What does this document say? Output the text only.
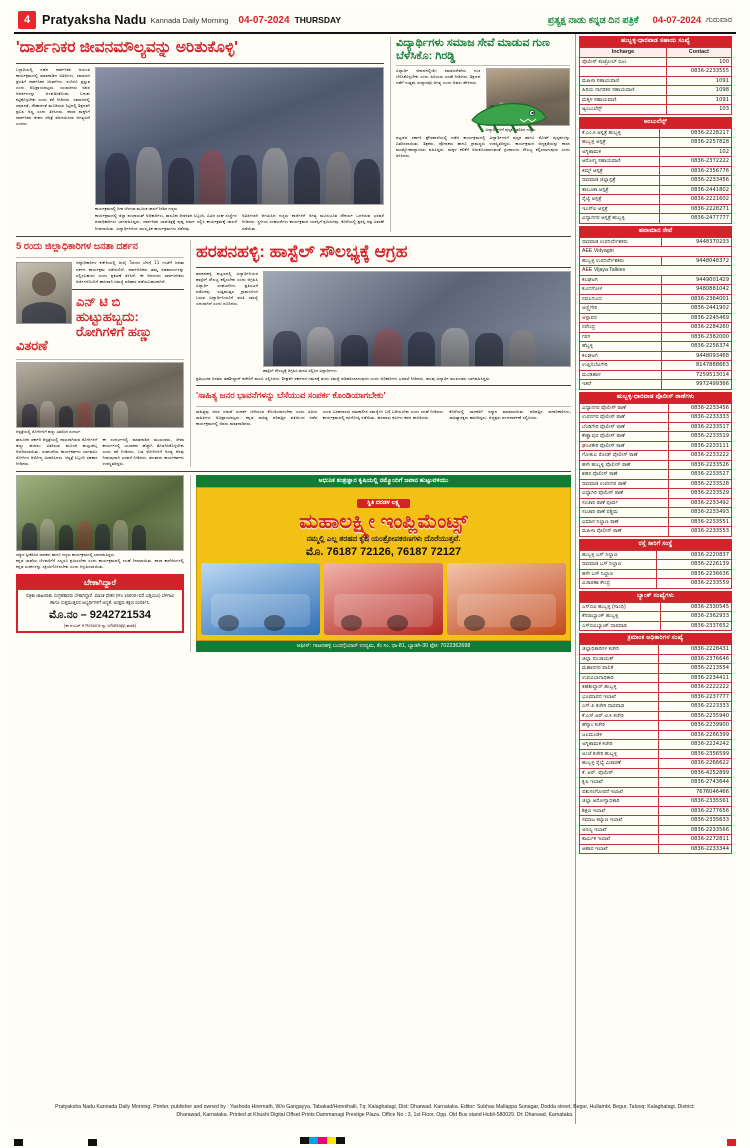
4 Pratyaksha Nadu Kannada Daily Morning 04-07-2024 THURSDAY	ಪ್ರತ್ಯಕ್ಷ ನಾಡು ಕನ್ನಡ ದಿನ ಪತ್ರಿಕೆ 04-07-2024 ಗುರುವಾರ
'ದಾರ್ಶನಿಕರ ಜೀವನಮೌಲ್ಯವನ್ನು ಅರಿತುಕೊಳ್ಳಿ'
ಬಳ್ಳಾರಿಯಲ್ಲಿ ನಡೆದ ದಾರ್ಶನಿಕರ ಜಯಂತಿ ಕಾರ್ಯಕ್ರಮದಲ್ಲಿ ಮಾತನಾಡಿದ ಅತಿಥಿಗಳು, ಸಮಾಜದ ಪ್ರಗತಿಗೆ ದಾರ್ಶನಿಕರ ಚಿಂತನೆಗಳು ಇಂದಿಗೂ ಪ್ರಸ್ತುತ ಎಂದು ಅಭಿಪ್ರಾಯಪಟ್ಟರು. ಯುವಜನರು ಅವರ ಆದರ್ಶಗಳನ್ನು ಅಳವಡಿಸಿಕೊಂಡು ಬದುಕು ಕಟ್ಟಿಕೊಳ್ಳಬೇಕು ಎಂದು ಕರೆ ನೀಡಿದರು. ಸಮಾಜದಲ್ಲಿ ಸಮಾನತೆ, ಸೌಹಾರ್ದತೆ ಮೂಡಿಸುವ ನಿಟ್ಟಿನಲ್ಲಿ ಶಿಕ್ಷಣವೇ ಪ್ರಬಲ ಅಸ್ತ್ರ ಎಂದು ತಿಳಿಸಿದರು. ಶಾಲಾ ಮಕ್ಕಳಿಗೆ ದಾರ್ಶನಿಕರ ಜೀವನ ಚರಿತ್ರೆ ಪರಿಚಯಿಸುವ ಅಗತ್ಯವಿದೆ ಎಂದರು.
ಕಾರ್ಯಕ್ರಮದಲ್ಲಿ ದೀಪ ಬೆಳಗುವ ಮೂಲಕ ಚಾಲನೆ ನೀಡಿದ ಗಣ್ಯರು.
ಕಾರ್ಯಕ್ರಮದಲ್ಲಿ ಜಿಲ್ಲಾ ಪಂಚಾಯತ್ ಅಧಿಕಾರಿಗಳು, ತಾಲೂಕು ಆಡಳಿತದ ಸಿಬ್ಬಂದಿ, ವಿವಿಧ ಸಂಘ ಸಂಸ್ಥೆಗಳ ಪದಾಧಿಕಾರಿಗಳು ಭಾಗವಹಿಸಿದ್ದರು. ದಾರ್ಶನಿಕರ ಭಾವಚಿತ್ರಕ್ಕೆ ಪುಷ್ಪ ನಮನ ಸಲ್ಲಿಸಿ ಕಾರ್ಯಕ್ರಮಕ್ಕೆ ಚಾಲನೆ ನೀಡಲಾಯಿತು. ವಿದ್ಯಾರ್ಥಿಗಳಿಂದ ಸಾಂಸ್ಕೃತಿಕ ಕಾರ್ಯಕ್ರಮಗಳು ನಡೆದವು.
ಅತಿಥಿಗಳಾಗಿ ಆಗಮಿಸಿದ ಗಣ್ಯರು ಶಾಲೆಗಳಿಗೆ ಅಗತ್ಯ ಮೂಲಭೂತ ಸೌಕರ್ಯ ಒದಗಿಸುವ ಭರವಸೆ ನೀಡಿದರು. ಸ್ಥಳೀಯ ಸಂಘಟನೆಗಳು ಕಾರ್ಯಕ್ರಮದ ಯಶಸ್ಸಿಗೆ ಶ್ರಮಿಸಿದವು. ಕೊನೆಯಲ್ಲಿ ಪ್ರಶಸ್ತಿ ಪತ್ರ ವಿತರಣೆ ನಡೆಯಿತು.
ವಿದ್ಯಾರ್ಥಿಗಳು ಸಮಾಜ ಸೇವೆ ಮಾಡುವ ಗುಣ ಬೆಳೆಸಿಕೊ: ಗಿರಡ್ಡಿ
ವಿದ್ಯಾರ್ಥಿ ಜೀವನದಲ್ಲಿಯೇ ಸಮಾಜಸೇವೆಯ ಗುಣ ಬೆಳೆಸಿಕೊಳ್ಳಬೇಕು ಎಂದು ಹಿರಿಯರು ಸಲಹೆ ನೀಡಿದರು. ಶಿಕ್ಷಣದ ಜತೆಗೆ ಉತ್ತಮ ಸಂಸ್ಕಾರವೂ ಅಗತ್ಯ ಎಂದು ಅವರು ಹೇಳಿದರು.
ವಿದ್ಯಾರ್ಥಿಗಳಿಗೆ ಪುಸ್ತಕ ವಿತರಿಸಿದ ಗಣ್ಯರು.
ಪಟ್ಟಣದ ಸರ್ಕಾರಿ ಪ್ರೌಢಶಾಲೆಯಲ್ಲಿ ನಡೆದ ಕಾರ್ಯಕ್ರಮದಲ್ಲಿ ವಿದ್ಯಾರ್ಥಿಗಳಿಗೆ ಪುಸ್ತಕ ಹಾಗೂ ನೋಟ್ ಪುಸ್ತಕಗಳನ್ನು ವಿತರಿಸಲಾಯಿತು. ಶಿಕ್ಷಕರು, ಪೋಷಕರು ಹಾಗೂ ಗ್ರಾಮಸ್ಥರು ಉಪಸ್ಥಿತರಿದ್ದರು. ಕಾರ್ಯಕ್ರಮದ ಅಧ್ಯಕ್ಷತೆಯನ್ನು ಶಾಲಾ ಮುಖ್ಯೋಪಾಧ್ಯಾಯರು ವಹಿಸಿದ್ದರು. ಮಕ್ಕಳ ಕಲಿಕೆಗೆ ಅನುಕೂಲವಾಗುವಂತೆ ಗ್ರಂಥಾಲಯ ಸೌಲಭ್ಯ ಕಲ್ಪಿಸಲಾಗುವುದು ಎಂದು ತಿಳಿಸಿದರು.
5 ರಂದು ಜಿಲ್ಲಾಧಿಕಾರಿಗಳ ಜನತಾ ದರ್ಶನ
ಜಿಲ್ಲಾಧಿಕಾರಿಗಳ ಕಚೇರಿಯಲ್ಲಿ ಜುಲೈ 5ರಂದು ಬೆಳಿಗ್ಗೆ 11 ಗಂಟೆಗೆ ಜನತಾ ದರ್ಶನ ಕಾರ್ಯಕ್ರಮ ನಡೆಯಲಿದೆ. ಸಾರ್ವಜನಿಕರು ತಮ್ಮ ಅಹವಾಲುಗಳನ್ನು ಸಲ್ಲಿಸಬಹುದು ಎಂದು ಪ್ರಕಟಣೆ ತಿಳಿಸಿದೆ. ಈ ದಿನದಂದು ಸಾರ್ವಜನಿಕರು ಅರ್ಜಿಗಳೊಂದಿಗೆ ಹಾಜರಾಗಿ ಸಮಸ್ಯೆ ಪರಿಹಾರ ಪಡೆಯಬಹುದಾಗಿದೆ.
ಎನ್ ಟಿ ಬಿ ಹುಟ್ಟುಹಬ್ಬದು: ರೋಗಿಗಳಿಗೆ ಹಣ್ಣು ವಿತರಣೆ
ಆಸ್ಪತ್ರೆಯಲ್ಲಿ ರೋಗಿಗಳಿಗೆ ಹಣ್ಣು ವಿತರಿಸಿದ ಸಂದರ್ಭ.
ತಾಲೂಕಿನ ಸರ್ಕಾರಿ ಆಸ್ಪತ್ರೆಯಲ್ಲಿ ದಾಖಲಾಗಿರುವ ರೋಗಿಗಳಿಗೆ ಹಣ್ಣು ಹಂಪಲು ವಿತರಿಸುವ ಮೂಲಕ ಹುಟ್ಟುಹಬ್ಬ ಆಚರಿಸಲಾಯಿತು. ಸಂಘಟನೆಯ ಕಾರ್ಯಕರ್ತರು ಭಾಗವಹಿಸಿ ರೋಗಿಗಳ ಆರೋಗ್ಯ ವಿಚಾರಿಸಿದರು. ಆಸ್ಪತ್ರೆ ಸಿಬ್ಬಂದಿ ಸಹಕಾರ ನೀಡಿದರು.
ಈ ಸಂದರ್ಭದಲ್ಲಿ ಮಾತನಾಡಿದ ಮುಖಂಡರು, ಸೇವಾ ಕಾರ್ಯಗಳಲ್ಲಿ ಯುವಕರು ಹೆಚ್ಚಾಗಿ ತೊಡಗಿಸಿಕೊಳ್ಳಬೇಕು ಎಂದು ಕರೆ ನೀಡಿದರು. ಬಡ ರೋಗಿಗಳಿಗೆ ಅಗತ್ಯ ನೆರವು ನೀಡುವುದಾಗಿ ಭರವಸೆ ನೀಡಿದರು. ಹಲವಾರು ಕಾರ್ಯಕರ್ತರು ಉಪಸ್ಥಿತರಿದ್ದರು.
ಹರಪನಹಳ್ಳಿ: ಹಾಸ್ಟೆಲ್ ಸೌಲಭ್ಯಕ್ಕೆ ಆಗ್ರಹ
ಹರಪನಹಳ್ಳಿ ಪಟ್ಟಣದಲ್ಲಿ ವಿದ್ಯಾರ್ಥಿನಿಯರ ಹಾಸ್ಟೆಲ್ ಸೌಲಭ್ಯ ಕಲ್ಪಿಸಬೇಕು ಎಂದು ಆಗ್ರಹಿಸಿ ವಿದ್ಯಾರ್ಥಿ ಸಂಘಟನೆಗಳು ಪ್ರತಿಭಟನೆ ನಡೆಸಿದವು. ಸುತ್ತಮುತ್ತಲ ಗ್ರಾಮಗಳಿಂದ ಬರುವ ವಿದ್ಯಾರ್ಥಿನಿಯರಿಗೆ ವಸತಿ ಸಮಸ್ಯೆ ಎದುರಾಗಿದೆ ಎಂದು ದೂರಿದರು.
ಹಾಸ್ಟೆಲ್ ಸೌಲಭ್ಯಕ್ಕೆ ಆಗ್ರಹಿಸಿ ಮನವಿ ಸಲ್ಲಿಸಿದ ವಿದ್ಯಾರ್ಥಿಗಳು.
ಪ್ರತಿಭಟನಾ ನಿರತರು ತಹಶೀಲ್ದಾರ್ ಕಚೇರಿಗೆ ಮನವಿ ಸಲ್ಲಿಸಿದರು. ಶೀಘ್ರವೇ ಸರ್ಕಾರದ ಗಮನಕ್ಕೆ ತಂದು ಸಮಸ್ಯೆ ಪರಿಹರಿಸಲಾಗುವುದು ಎಂದು ಅಧಿಕಾರಿಗಳು ಭರವಸೆ ನೀಡಿದರು. ಹಲವು ವಿದ್ಯಾರ್ಥಿ ಮುಖಂಡರು ಭಾಗವಹಿಸಿದ್ದರು.
'ಸಾಹಿತ್ಯ ಜನರ ಭಾವನೆಗಳನ್ನು ಬೆಸೆಯುವ ಸಂಪರ್ಕ ಕೊಂಡಿಯಾಗಬೇಕು'
ಸಾಹಿತ್ಯವು ಜನರ ನಡುವೆ ಸಂಪರ್ಕ ಬೆಸೆಯುವ ಕೊಂಡಿಯಾಗಬೇಕು ಎಂದು ಹಿರಿಯ ಸಾಹಿತಿಗಳು ಅಭಿಪ್ರಾಯಪಟ್ಟರು. ಕನ್ನಡ ಸಾಹಿತ್ಯ ಪರಿಷತ್ತಿನ ವತಿಯಿಂದ ನಡೆದ ಕಾರ್ಯಕ್ರಮದಲ್ಲಿ ಅವರು ಮಾತನಾಡಿದರು.
ಯುವ ಬರಹಗಾರರು ಸಮಕಾಲೀನ ಸಮಸ್ಯೆಗಳ ಬಗ್ಗೆ ಬರೆಯಬೇಕು ಎಂದು ಸಲಹೆ ನೀಡಿದರು. ಕಾರ್ಯಕ್ರಮದಲ್ಲಿ ಕವಿಗೋಷ್ಠಿ ನಡೆಯಿತು. ಹಲವಾರು ಕವಿಗಳು ಕವನ ವಾಚಿಸಿದರು.
ಕೊನೆಯಲ್ಲಿ ಸಾಧಕರಿಗೆ ಸನ್ಮಾನ ಮಾಡಲಾಯಿತು. ಪರಿಷತ್ತಿನ ಪದಾಧಿಕಾರಿಗಳು, ಸಾಹಿತ್ಯಾಸಕ್ತರು ಹಾಜರಿದ್ದರು. ಅಧ್ಯಕ್ಷರು ವಂದನಾರ್ಪಣೆ ಸಲ್ಲಿಸಿದರು.
ಸನ್ಮಾನ ಸ್ವೀಕರಿಸಿದ ಸಾಧಕರು ಹಾಗೂ ಗಣ್ಯರು ಕಾರ್ಯಕ್ರಮದಲ್ಲಿ ಭಾಗವಹಿಸಿದ್ದರು.
ಕನ್ನಡ ಭಾಷೆಯ ಬೆಳವಣಿಗೆಗೆ ಎಲ್ಲರೂ ಶ್ರಮಿಸಬೇಕು ಎಂದು ಕಾರ್ಯಕ್ರಮದಲ್ಲಿ ಸಲಹೆ ನೀಡಲಾಯಿತು. ಶಾಲಾ ಕಾಲೇಜುಗಳಲ್ಲಿ ಕನ್ನಡ ಸಂಘಗಳನ್ನು ಸಕ್ರಿಯಗೊಳಿಸಬೇಕು ಎಂದು ಆಗ್ರಹಿಸಲಾಯಿತು.
ಬೇಕಾಗಿದ್ದಾರೆ
ಪತ್ರಿಕಾ ಜಾಹೀರಾತು ಸಂಗ್ರಹಕಾರರು ಬೇಕಾಗಿದ್ದಾರೆ. ಮಾಸಿಕ ವೇತನ (Rs 15000+ವರೆ ಬಡ್ತಿಯೂ) ಬೆಳಗಾವಿ ಹಾಗೂ ಸುತ್ತಮುತ್ತಲಿನ ಅಭ್ಯರ್ಥಿಗಳಿಗೆ ಆದ್ಯತೆ. ಆಸಕ್ತರು ತಕ್ಷಣ ಸಂಪರ್ಕಿಸಿ.
ಮೊ.ನಂ – 9242721534
(ಈ ನಂಬರ್ ಗೆ Resume ನ್ನು whatsapp ಮಾಡಿ)
ಆಧುನಿಕ ತಂತ್ರಜ್ಞಾನ ಕೃಷಿಯಲ್ಲಿ ನಮ್ಮೊಂದಿಗೆ ಜವಾನ ಹುಟ್ಟುವಳಿಯು
ಸ್ಥಿತಿ ದರಡಳ ಲಕ್ಷ್ಯ
ಮಹಾಲಕ್ಷ್ಮೀ ಇಂಪ್ಲಿಮೆಂಟ್ಸ್
ನಮ್ಮಲ್ಲಿ ಎಲ್ಲ ತರಹದ ಕೃಷಿ ಯಂತ್ರೋಪಕರಣಗಳು ದೊರೆಯುತ್ತವೆ.
ಮೊ. 76187 72126, 76187 72127
ಆಫೀಸ್: ಗಾಜನಹಳ್ಳಿ ಬಂದಗ್ಗೆಯಾರ್ ಉದ್ಯಮ, ಕೆಂ ಸಂ. ಧಾ-81, ಬ್ಯಾಡಗಿ-30 ಫೋ: 7022362698
ಹುಬ್ಬಳ್ಳಿ-ಧಾರವಾಡ ಸಹಾಯ ಸಂಖ್ಯೆ
Incharge	Contact
ಪೊಲೀಸ್ ಕಂಟ್ರೋಲ್ ರೂಂ	100
	0836-2233555
ಮಹಿಳಾ ಸಹಾಯವಾಣಿ	1091
ಹಿರಿಯ ನಾಗರಿಕರ ಸಹಾಯವಾಣಿ	1098
ಮಕ್ಕಳ ಸಹಾಯವಾಣಿ	1091
ಆ್ಯಂಬುಲೆನ್ಸ್	103
ಅಂಬುಲೆನ್ಸ್
ಕೆ.ಎಂ.ಸಿ ಆಸ್ಪತ್ರೆ ಹುಬ್ಬಳ್ಳಿ	0836-2228217
ಹುಬ್ಬಳ್ಳಿ ಆಸ್ಪತ್ರೆ	0836-2257828
ಅಗ್ನಿಶಾಮಕ	102
ಆರೋಗ್ಯ ಸಹಾಯವಾಣಿ	0836-2372222
ಕಿಮ್ಸ್ ಆಸ್ಪತ್ರೆ	0836-2356776
ಧಾರವಾಡ ಜಿಲ್ಲಾಸ್ಪತ್ರೆ	0836-2233456
ತಾಲೂಕಾ ಆಸ್ಪತ್ರೆ	0836-2441802
ರೈಲ್ವೆ ಆಸ್ಪತ್ರೆ	0836-2221602
ಇಎಸ್ಐ ಆಸ್ಪತ್ರೆ	0836-2228271
ವಿದ್ಯಾನಗರ ಆಸ್ಪತ್ರೆ ಹುಬ್ಬಳ್ಳಿ	0836-2477777
ಹವಾಮಾನ ಸೇವೆ
ಧಾರವಾಡ ಉಪನಿರ್ದೇಶಕರು	9448370233
AEE Vidyagiri	
ಹುಬ್ಬಳ್ಳಿ ಉಪನಿರ್ದೇಶಕರು	9448048372
AEE Vijaya Talkies	
ಕಲಘಟಗಿ	9449001429
ಕುಂದಗೋಳ	9480881042
ನವಲಗುಂದ	0836-2364001
ಅಣ್ಣಿಗೇರಿ	0836-2441902
ಅಳ್ನಾವರ	0836-2245469
ನರೇಂದ್ರ	0836-2284260
ಗರಗ	0836-2382000
ಹೆಬ್ಬಳ್ಳಿ	0836-2256374
ಕಲಘಟಗಿ	9448093468
ಉಪ್ಪಿನಬೆಟಗೇರಿ	8147888663
ಮಂಡಿಹಾಳ	7259513014
ಇತರೆ	9972499366
ಹುಬ್ಬಳ್ಳಿ-ಧಾರವಾಡ ಪೊಲೀಸ್ ಠಾಣೆಗಳು
ವಿದ್ಯಾನಗರ ಪೊಲೀಸ್ ಠಾಣೆ	0836-2233456
ಉಪನಗರ ಪೊಲೀಸ್ ಠಾಣೆ	0836-2233333
ಬೆಂಡಿಗೇರಿ ಪೊಲೀಸ್ ಠಾಣೆ	0836-2233517
ಕೇಶ್ವಾಪುರ ಪೊಲೀಸ್ ಠಾಣೆ	0836-2233519
ಘಂಟಿಕೇರಿ ಪೊಲೀಸ್ ಠಾಣೆ	0836-2233111
ಗೋಕುಲ ರೋಡ್ ಪೊಲೀಸ್ ಠಾಣೆ	0836-2233222
ಹಳೇ ಹುಬ್ಬಳ್ಳಿ ಪೊಲೀಸ್ ಠಾಣೆ	0836-2233526
ಶಹರ ಪೊಲೀಸ್ ಠಾಣೆ	0836-2233527
ಧಾರವಾಡ ಉಪನಗರ ಠಾಣೆ	0836-2233528
ವಿದ್ಯಾಗಿರಿ ಪೊಲೀಸ್ ಠಾಣೆ	0836-2233529
ಸಂಚಾರಿ ಠಾಣೆ ಪೂರ್ವ	0836-2233492
ಸಂಚಾರಿ ಠಾಣೆ ಪಶ್ಚಿಮ	0836-2233493
ವಿಮಾನ ನಿಲ್ದಾಣ ಠಾಣೆ	0836-2233551
ಮಹಿಳಾ ಪೊಲೀಸ್ ಠಾಣೆ	0836-2233553
ರಸ್ತೆ ಸಾರಿಗೆ ಸಂಸ್ಥೆ
ಹುಬ್ಬಳ್ಳಿ ಬಸ್ ನಿಲ್ದಾಣ	0836-2220837
ಧಾರವಾಡ ಬಸ್ ನಿಲ್ದಾಣ	0836-2226139
ಹಳೇ ಬಸ್ ನಿಲ್ದಾಣ	0836-2236636
ವಿಚಾರಣಾ ಕೇಂದ್ರ	0836-2233559
ಬ್ಯಾಂಕ್ ಸಂಖ್ಯೆಗಳು
ಎಸ್‌ಬಿಐ ಹುಬ್ಬಳ್ಳಿ (ಗಾಂಧಿ)	0836-2330545
ಕೆನರಾಬ್ಯಾಂಕ್ ಹುಬ್ಬಳ್ಳಿ	0836-2362933
ಎಸ್‌ಬಿಐಬ್ಯಾಂಕ್ ಧಾರವಾಡ	0836-2337652
ಕ್ರಮಾಂಕ ಅಧಿಕಾರಿಗಳ ಸಂಖ್ಯೆ
ಜಿಲ್ಲಾಧಿಕಾರಿಗಳ ಕಚೇರಿ	0836-2228431
ಜಿಲ್ಲಾ ಪಂಚಾಯತ್	0836-2376646
ಮಹಾನಗರ ಪಾಲಿಕೆ	0836-2213554
ಉಪವಿಭಾಗಾಧಿಕಾರಿ	0836-2234411
ತಹಶೀಲ್ದಾರ್ ಹುಬ್ಬಳ್ಳಿ	0836-2222222
ಭೂಮಾಪನ ಇಲಾಖೆ	0836-2237777
ಎಸ್‌.ಪಿ ಕಚೇರಿ ಧಾರವಾಡ	0836-2223333
ಕೆ.ಎಸ್.ಆರ್.ಟಿ.ಸಿ ಕಚೇರಿ	0836-2235940
ಹೆಸ್ಕಾಂ ಕಚೇರಿ	0836-2239900
ಜಲಮಂಡಳಿ	0836-2266399
ಅಗ್ನಿಶಾಮಕ ಕಚೇರಿ	0836-2224242
ಅಂಚೆ ಕಚೇರಿ ಹುಬ್ಬಳ್ಳಿ	0836-2356599
ಹುಬ್ಬಳ್ಳಿ ರೈಲ್ವೆ ವಿಚಾರಣೆ	0836-2266622
ಕೆ. ಆರ್. ಪೊಲೀಸ್	0836-4252899
ಕೃಷಿ ಇಲಾಖೆ	0836-2743644
ಪಶುಸಂಗೋಪನೆ ಇಲಾಖೆ	7676046466
ಜಿಲ್ಲಾ ಆರೋಗ್ಯಾಧಿಕಾರಿ	0836-2335561
ಶಿಕ್ಷಣ ಇಲಾಖೆ	0836-2277656
ಸಮಾಜ ಕಲ್ಯಾಣ ಇಲಾಖೆ	0836-2335633
ಅರಣ್ಯ ಇಲಾಖೆ	0836-2233566
ಕಾರ್ಮಿಕ ಇಲಾಖೆ	0836-2272811
ಆಹಾರ ಇಲಾಖೆ	0836-2233344
Pratyaksha Nadu Kannada Daily Morning. Printer, publisher and owned by : Yashoda Hiremath, W/o Gangayya, Tabakad/Honnihalli, Tq: Kalaghatagi, Dist: Dharwad. Karnataka. Editor: Subhas Mallappa Sunagar, Dodda street, Begur, Hullambi, Begur, Talooq: Kalaghatagi, District: Dharawad, Karnataka. Printed at Khushi Digital Offset Prints Dammanagi Prestige Plaza. Office No.: 3, 1st Floor, Opp. Old Bus stand Hubli-580029. Dt: Dharwad, Karnataka.
